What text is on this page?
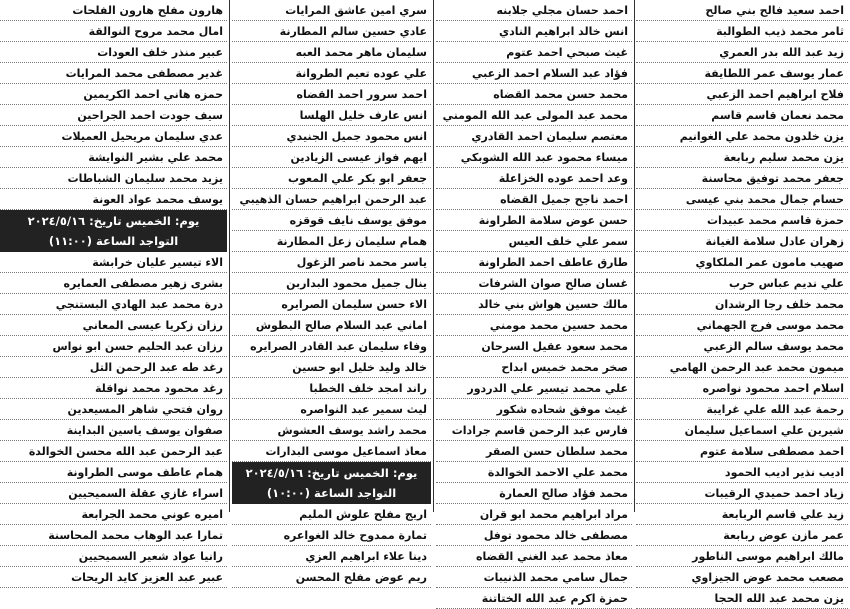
احمد سعيد فالح بني صالح
ثامر محمد ذيب الطوالبة
زيد عبد الله بدر العمري
عمار يوسف عمر اللطايفة
فلاح ابراهيم احمد الزعبي
محمد نعمان قاسم قاسم
يزن خلدون محمد علي الغوانيم
يزن محمد سليم ربابعة
جعفر محمد توفيق محاسنة
حسام جمال محمد بني عيسى
حمزة قاسم محمد عبيدات
زهران عادل سلامة الغيانة
صهيب مامون عمر الملكاوي
علي نديم عباس حرب
محمد خلف رجا الرشدان
محمد موسى فرج الجهماني
محمد يوسف سالم الزعبي
ميمون محمد عبد الرحمن الهامي
اسلام احمد محمود نواصره
رحمة عبد الله علي غرايبة
شيرين علي اسماعيل سليمان
احمد مصطفى سلامة عتوم
اديب نذير اديب الحمود
زياد احمد حميدي الرقيبات
زيد علي قاسم الربابعة
عمر مازن عوض ربابعة
مالك ابراهيم موسى الناطور
مصعب محمد عوض الجيزاوي
يزن محمد عبد الله الحجا
احمد حسان مجلي جلابنه
انس خالد ابراهيم النادي
غيث صبحي احمد عتوم
فؤاد عبد السلام احمد الزعبي
محمد حسن محمد القضاه
محمد عبد المولى عبد الله المومني
معتصم سليمان احمد القادري
ميساء محمود عبد الله الشوبكي
وعد احمد عوده الخزاعلة
احمد ناجح جميل القضاه
حسن عوض سلامة الطراونة
سمر علي خلف العيس
طارق عاطف احمد الطراونة
غسان صالح صوان الشرفات
مالك حسين هواش بني خالد
محمد حسين محمد مومني
محمد سعود عقيل السرحان
صخر محمد خميس ابداح
علي محمد تيسير علي الدردور
غيث موفق شحاده شكور
فارس عبد الرحمن قاسم جرادات
محمد سلطان حسن الصقر
محمد علي الاحمد الخوالدة
محمد فؤاد صالح العمارة
مراد ابراهيم محمد ابو قران
مصطفى خالد محمود توفل
معاذ محمد عبد الغني القضاه
جمال سامي محمد الذنيبات
حمزة اكرم عبد الله الختاتنة
سري امين عاشق المرايات
عادي حسين سالم المطارنة
سليمان ماهر محمد العبه
علي عوده تعيم الطروانة
احمد سرور احمد القضاه
انس عارف خليل الهلسا
انس محمود جميل الجنيدي
ايهم فواز عيسى الزيادين
جعفر ابو بكر علي المعوب
عبد الرحمن ابراهيم حسان الذهيبي
موفق يوسف نايف قوقزه
همام سليمان زعل المطارنة
ياسر محمد ناصر الزغول
ينال جميل محمود البداربن
الاء حسن سليمان الصرايره
اماني عبد السلام صالح البطوش
وفاء سليمان عبد القادر الصرايره
خالد وليد خليل ابو حسين
راند امجد خلف الخطبا
ليث سمير عبد النواصره
محمد راشد يوسف العشوش
معاذ اسماعيل موسى البدارات
يوم: الخميس تاريخ: ٢٠٢٤/٥/١٦
التواجد الساعة (١٠:٠٠)
اريج مفلح علوش المليم
تمارة ممدوح خالد الغواعره
دينا علاء ابراهيم العزي
ريم عوض مفلح المحسن
هارون مفلح هارون الفلحات
امال محمد مروح النوالقة
عبير منذر خلف العودات
غدير مصطفى محمد المرايات
حمزه هاني احمد الكريمين
سيف جودت احمد الجراحين
عدي سليمان مريحيل العميلات
محمد علي بشير النوايشة
يزيد محمد سليمان الشباطات
يوسف محمد عواد العونة
يوم: الخميس تاريخ: ٢٠٢٤/٥/١٦
التواجد الساعة (١١:٠٠)
الاء تيسير عليان خرابشة
بشرى زهير مصطفى العمايره
درة محمد عبد الهادي البستنجي
رزان زكريا عيسى المعاني
رزان عبد الحليم حسن ابو نواس
رغد طه عبد الرحمن التل
رغد محمود محمد نواقلة
روان فتحي شاهر المسيعدين
صفوان يوسف ياسين البداينة
عبد الرحمن عبد الله محسن الخوالدة
همام عاطف موسى الطراونة
اسراء غازي عقلة السميحيين
اميره عوني محمد الجرابعة
تمارا عبد الوهاب محمد المحاسنة
رانيا عواد شعير السميحيين
عبير عبد العزيز كايد الريحات
